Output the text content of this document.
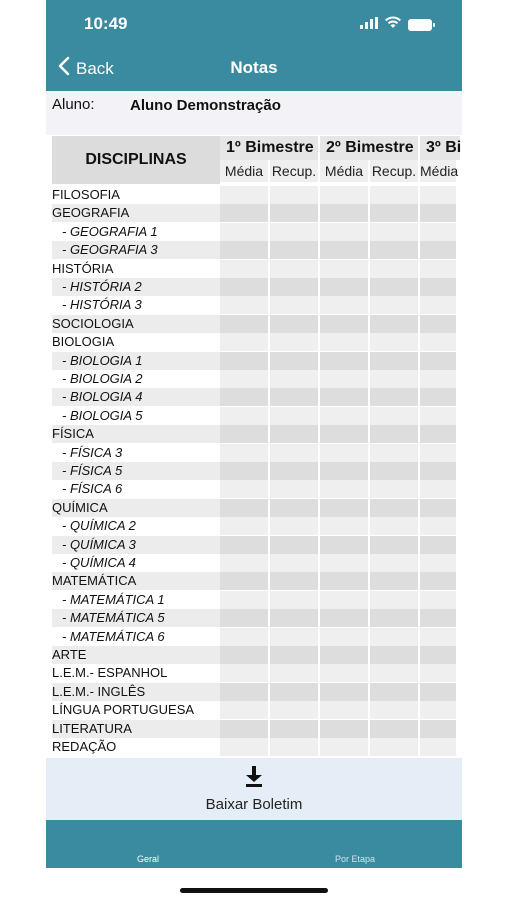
10:49
Back	Notas
Aluno: Aluno Demonstração
DISCIPLINAS
1º Bimestre 2º Bimestre 3º Bi
Média Recup. Média Recup. Média
FILOSOFIA
GEOGRAFIA
- GEOGRAFIA 1
- GEOGRAFIA 3
HISTÓRIA
- HISTÓRIA 2
- HISTÓRIA 3
SOCIOLOGIA
BIOLOGIA
- BIOLOGIA 1
- BIOLOGIA 2
- BIOLOGIA 4
- BIOLOGIA 5
FÍSICA
- FÍSICA 3
- FÍSICA 5
- FÍSICA 6
QUÍMICA
- QUÍMICA 2
- QUÍMICA 3
- QUÍMICA 4
MATEMÁTICA
- MATEMÁTICA 1
- MATEMÁTICA 5
- MATEMÁTICA 6
ARTE
L.E.M.- ESPANHOL
L.E.M.- INGLÊS
LÍNGUA PORTUGUESA
LITERATURA
REDAÇÃO
Baixar Boletim
Geral	Por Etapa
